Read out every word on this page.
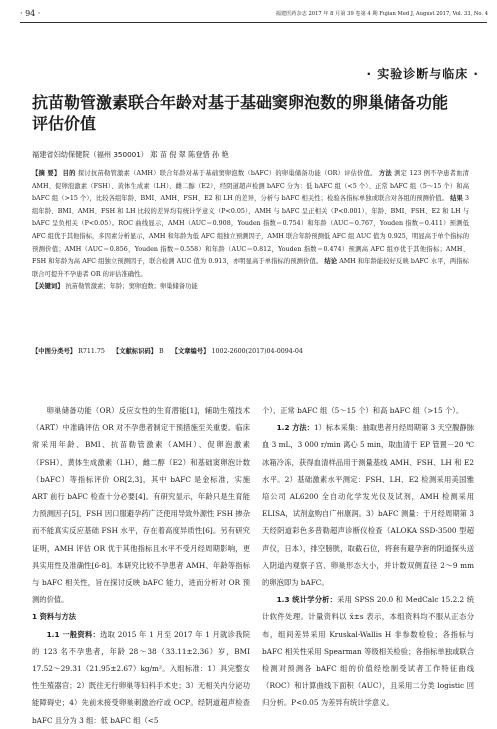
· 94 ·	福建医药杂志 2017 年 8 月第 39 卷第 4 期 Fujian Med J, August 2017, Vol. 33, No. 4
· 实验诊断与临床 ·
抗苗勒管激素联合年龄对基于基础窦卵泡数的卵巢储备功能评估价值
福建省妇幼保健院（福州 350001） 郑 苗 倪 翠 陈登惜 孙 艳
【摘 要】 目的 探讨抗苗勒管激素（AMH）联合年龄对基于基础窦卵泡数（bAFC）的卵巢储备功能（OR）评估价值。 方法 测定 123 例不孕患者血清 AMH、促卵泡激素（FSH）、黄体生成素（LH）、雌二醇（E2），经阴道超声检测 bAFC 分为：低 bAFC 组（<5 个）、正常 bAFC 组（5～15 个）和高 bAFC 组（>15 个），比较各组年龄、BMI、AMH、FSH、E2 和 LH 的差异，分析与 bAFC 相关性；检验各指标单独或联合对各组的预测价值。 结果 3 组年龄、BMI、AMH、FSH 和 LH 比较的差异均有统计学意义（P<0.05），AMH 与 bAFC 呈正相关（P<0.001），年龄、BMI、FSH、E2 和 LH 与 bAFC 呈负相关（P<0.05）。ROC 曲线显示，AMH（AUC＝0.908，Youden 指数＝0.754）和年龄（AUC＝0.767，Youden 指数＝0.411）预测低 AFC 组优于其他指标，多因素分析显示，AMH 和年龄为低 AFC 组独立预测因子，AMH 联合年龄预测低 AFC 组 AUC 值为 0.925，明显高于单个指标的预测价值；AMH（AUC＝0.856，Youden 指数＝0.558）和年龄（AUC＝0.812，Youden 指数＝0.474）预测高 AFC 组亦优于其他指标；AMH、FSH 和年龄为高 AFC 组独立预测因子，联合检测 AUC 值为 0.913，亦明显高于单指标的预测价值。 结论 AMH 和年龄能较好反映 bAFC 水平，两指标联合可提升不孕患者 OR 的评估准确性。
【关键词】 抗苗勒管激素；年龄；窦卵泡数；卵巢储备功能
【中图分类号】 R711.75 【文献标识码】 B 【文章编号】 1002-2600(2017)04-0094-04

卵巢储备功能（OR）反应女性的生育潜能[1]，辅助生殖技术（ART）中准确评估 OR 对不孕患者制定干预措施至关重要。临床常采用年龄、BMI、抗苗勒管激素（AMH）、促卵泡激素（FSH）、黄体生成激素（LH），雌二醇（E2）和基础窦卵泡计数（bAFC）等指标评价 OR[2,3]，其中 bAFC 是金标准，实施 ART 前行 bAFC 检查十分必要[4]。有研究显示，年龄只是生育能力预测因子[5]，FSH 因口服避孕药广泛使用导致外源性 FSH 掺杂而不能真实反应基础 FSH 水平，存在着高度异质性[6]。另有研究证明，AMH 评估 OR 优于其他指标且水平不受月经周期影响，更具实用性及准确性[6-8]。本研究比较不孕患者 AMH、年龄等指标与 bAFC 相关性，旨在探讨反映 bAFC 能力，进而分析对 OR 预测的价值。

1 资料与方法

1.1 一般资料：选取 2015 年 1 月至 2017 年 1 月就诊我院的 123 名不孕患者，年龄 28～38（33.11±2.36）岁，BMI 17.52～29.31（21.95±2.67）kg/m²。入组标准：1）具完整女性生殖器官；2）既往无行卵巢等妇科手术史；3）无相关内分泌功能障碍史；4）先前未接受卵巢刺激治疗或 OCP。经阴道超声检查 bAFC 且分为 3 组：低 bAFC 组（<5

个）、正常 bAFC 组（5～15 个）和高 bAFC 组（>15 个）。

1.2 方法：1）标本采集：抽取患者月经周期第 3 天空腹静脉血 3 mL，3 000 r/min 离心 5 min，取血清于 EP 管置－20 ℃冰箱冷冻，获得血清样品用于测量基线 AMH、FSH、LH 和 E2 水平。2）基础激素水平测定：FSH、LH、E2 检测采用美国雅培公司 AL6200 全自动化学发光仪及试剂，AMH 检测采用 ELISA，试剂盒购自广州康润。3）bAFC 测量：于月经周期第 3 天经阴道彩色多普勒超声诊断仪检查（ALOKA SSD-3500 型超声仪，日本），排空膀胱，取截石位，将套有避孕套的阴道探头送入阴道内观察子宫、卵巢形态大小，并计数双侧直径 2～9 mm 的卵泡即为 bAFC。

1.3 统计学分析：采用 SPSS 20.0 和 MedCalc 15.2.2 统计软件处理。计量资料以 x̄±s 表示，本组资料均不服从正态分布，组间差异采用 Kruskal-Wallis H 非参数检验；各指标与 bAFC 相关性采用 Spearman 等级相关检验；各指标单独或联合检测对预测各 bAFC 组的价值经绘制受试者工作特征曲线（ROC）和计算曲线下面积（AUC），且采用二分类 logistic 回归分析。P<0.05 为差异有统计学意义。
